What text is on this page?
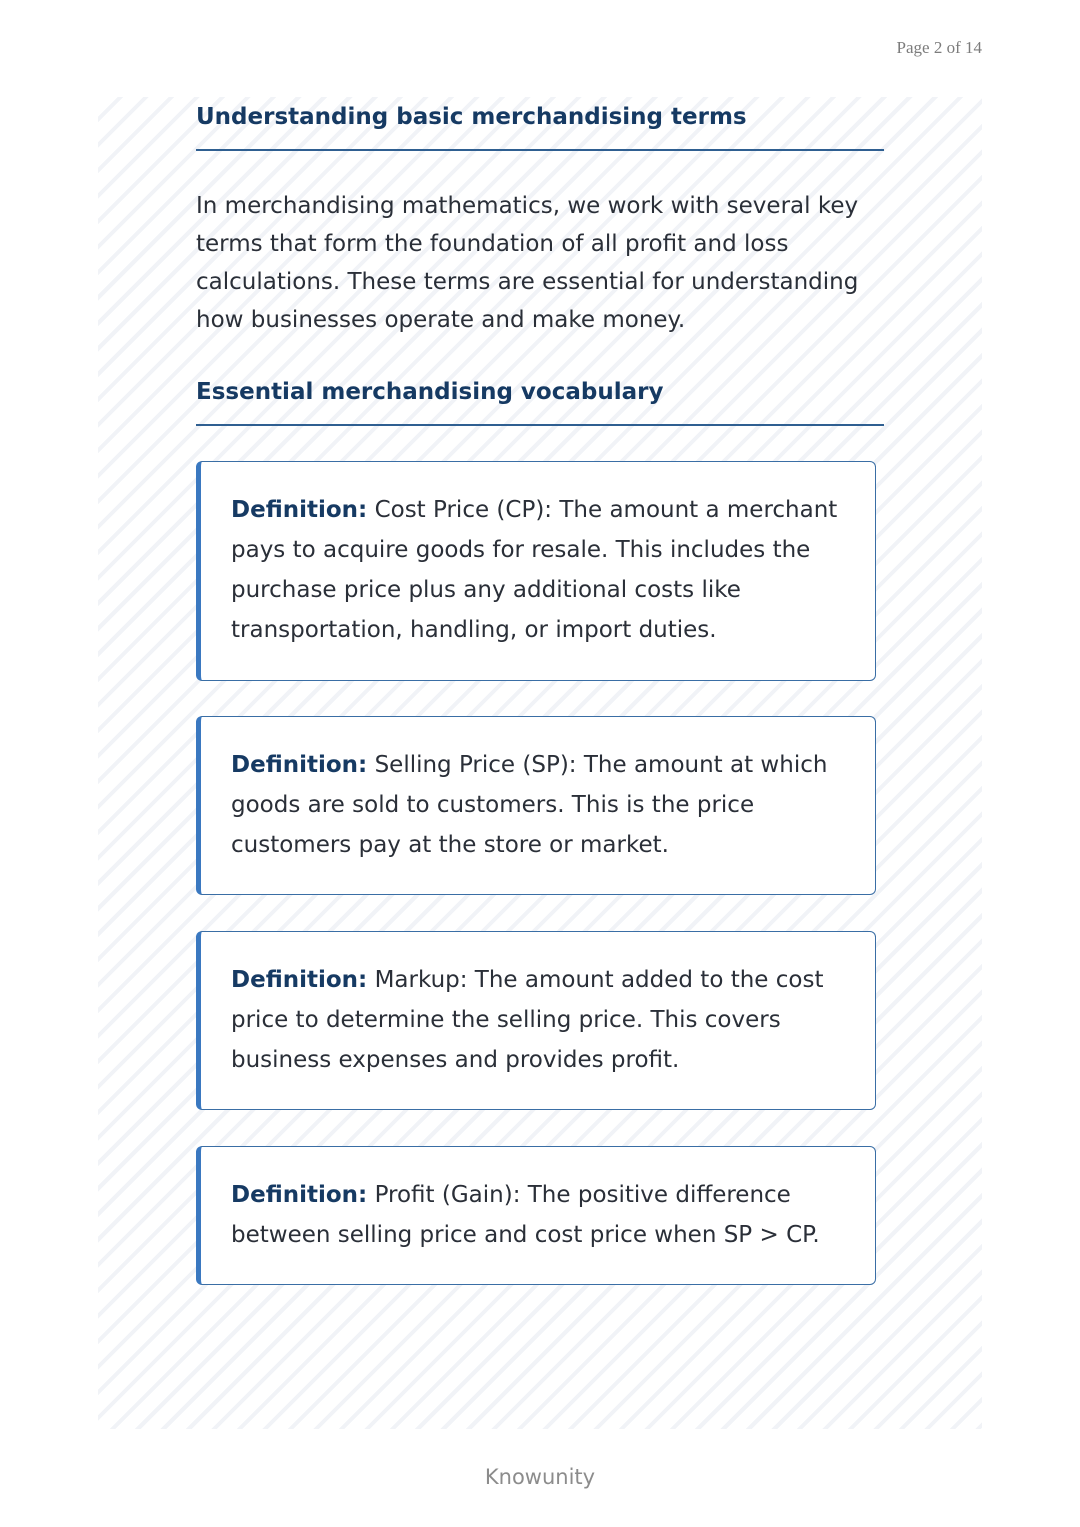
Page 2 of 14
Understanding basic merchandising terms

In merchandising mathematics, we work with several key terms that form the foundation of all profit and loss calculations. These terms are essential for understanding how businesses operate and make money.

Essential merchandising vocabulary

Definition: Cost Price (CP): The amount a merchant pays to acquire goods for resale. This includes the purchase price plus any additional costs like transportation, handling, or import duties.

Definition: Selling Price (SP): The amount at which goods are sold to customers. This is the price customers pay at the store or market.

Definition: Markup: The amount added to the cost price to determine the selling price. This covers business expenses and provides profit.

Definition: Profit (Gain): The positive difference between selling price and cost price when SP > CP.

Knowunity
